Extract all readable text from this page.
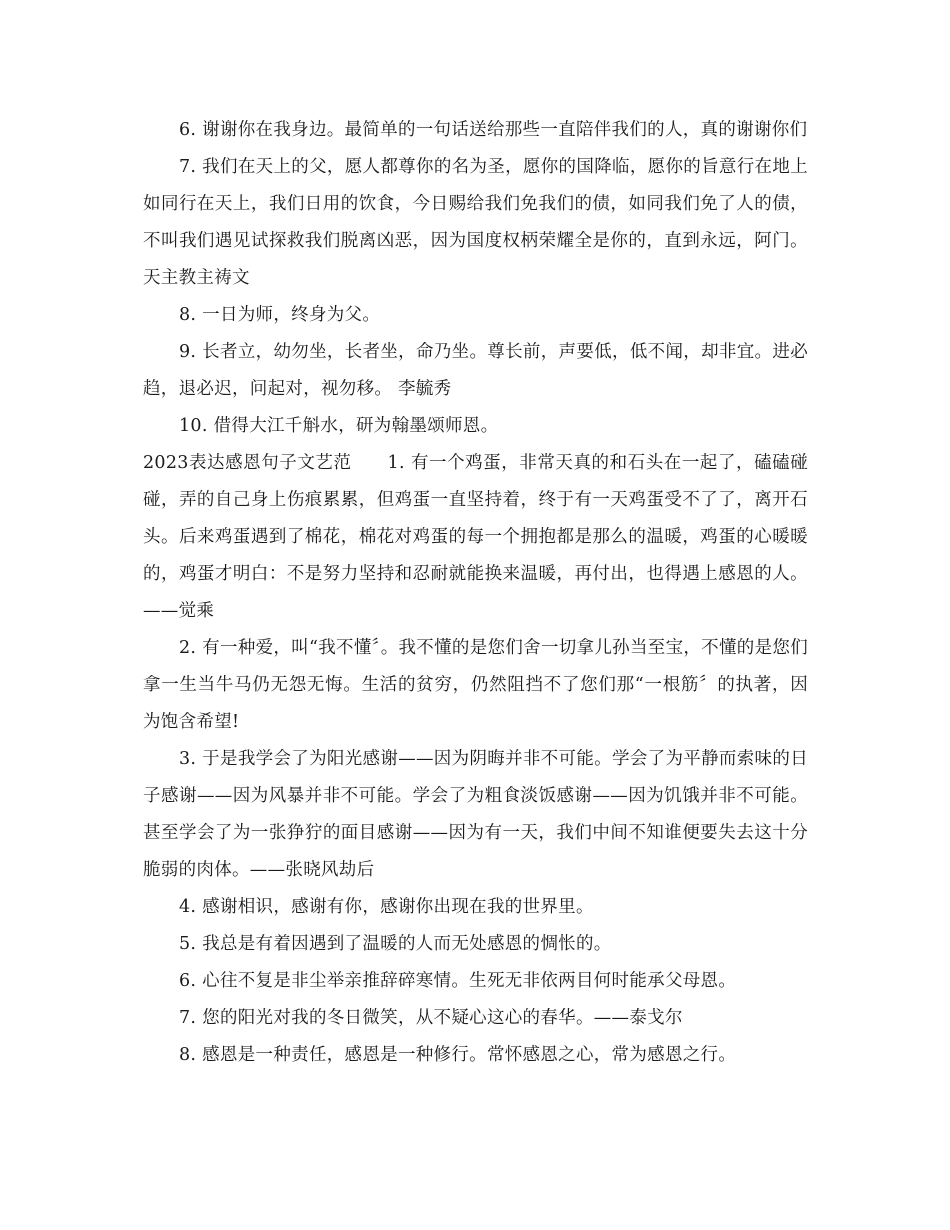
6. 谢谢你在我身边。最简单的一句话送给那些一直陪伴我们的人，真的谢谢你们

7. 我们在天上的父，愿人都尊你的名为圣，愿你的国降临，愿你的旨意行在地上如同行在天上，我们日用的饮食，今日赐给我们免我们的债，如同我们免了人的债，不叫我们遇见试探救我们脱离凶恶，因为国度权柄荣耀全是你的，直到永远，阿门。天主教主祷文

8. 一日为师，终身为父。

9. 长者立，幼勿坐，长者坐，命乃坐。尊长前，声要低，低不闻，却非宜。进必趋，退必迟，问起对，视勿移。 李毓秀

10. 借得大江千斛水，研为翰墨颂师恩。

2023表达感恩句子文艺范 1. 有一个鸡蛋，非常天真的和石头在一起了，磕磕碰碰，弄的自己身上伤痕累累，但鸡蛋一直坚持着，终于有一天鸡蛋受不了了，离开石头。后来鸡蛋遇到了棉花，棉花对鸡蛋的每一个拥抱都是那么的温暖，鸡蛋的心暖暖的，鸡蛋才明白：不是努力坚持和忍耐就能换来温暖，再付出，也得遇上感恩的人。——觉乘

2. 有一种爱，叫“我不懂〞。我不懂的是您们舍一切拿儿孙当至宝，不懂的是您们拿一生当牛马仍无怨无悔。生活的贫穷，仍然阻挡不了您们那“一根筋〞的执著，因为饱含希望!

3. 于是我学会了为阳光感谢——因为阴晦并非不可能。学会了为平静而索味的日子感谢——因为风暴并非不可能。学会了为粗食淡饭感谢——因为饥饿并非不可能。甚至学会了为一张狰狞的面目感谢——因为有一天，我们中间不知谁便要失去这十分脆弱的肉体。——张晓风劫后

4. 感谢相识，感谢有你，感谢你出现在我的世界里。

5. 我总是有着因遇到了温暖的人而无处感恩的惆怅的。

6. 心往不复是非尘举亲推辞碎寒情。生死无非依两目何时能承父母恩。

7. 您的阳光对我的冬日微笑，从不疑心这心的春华。——泰戈尔

8. 感恩是一种责任，感恩是一种修行。常怀感恩之心，常为感恩之行。
